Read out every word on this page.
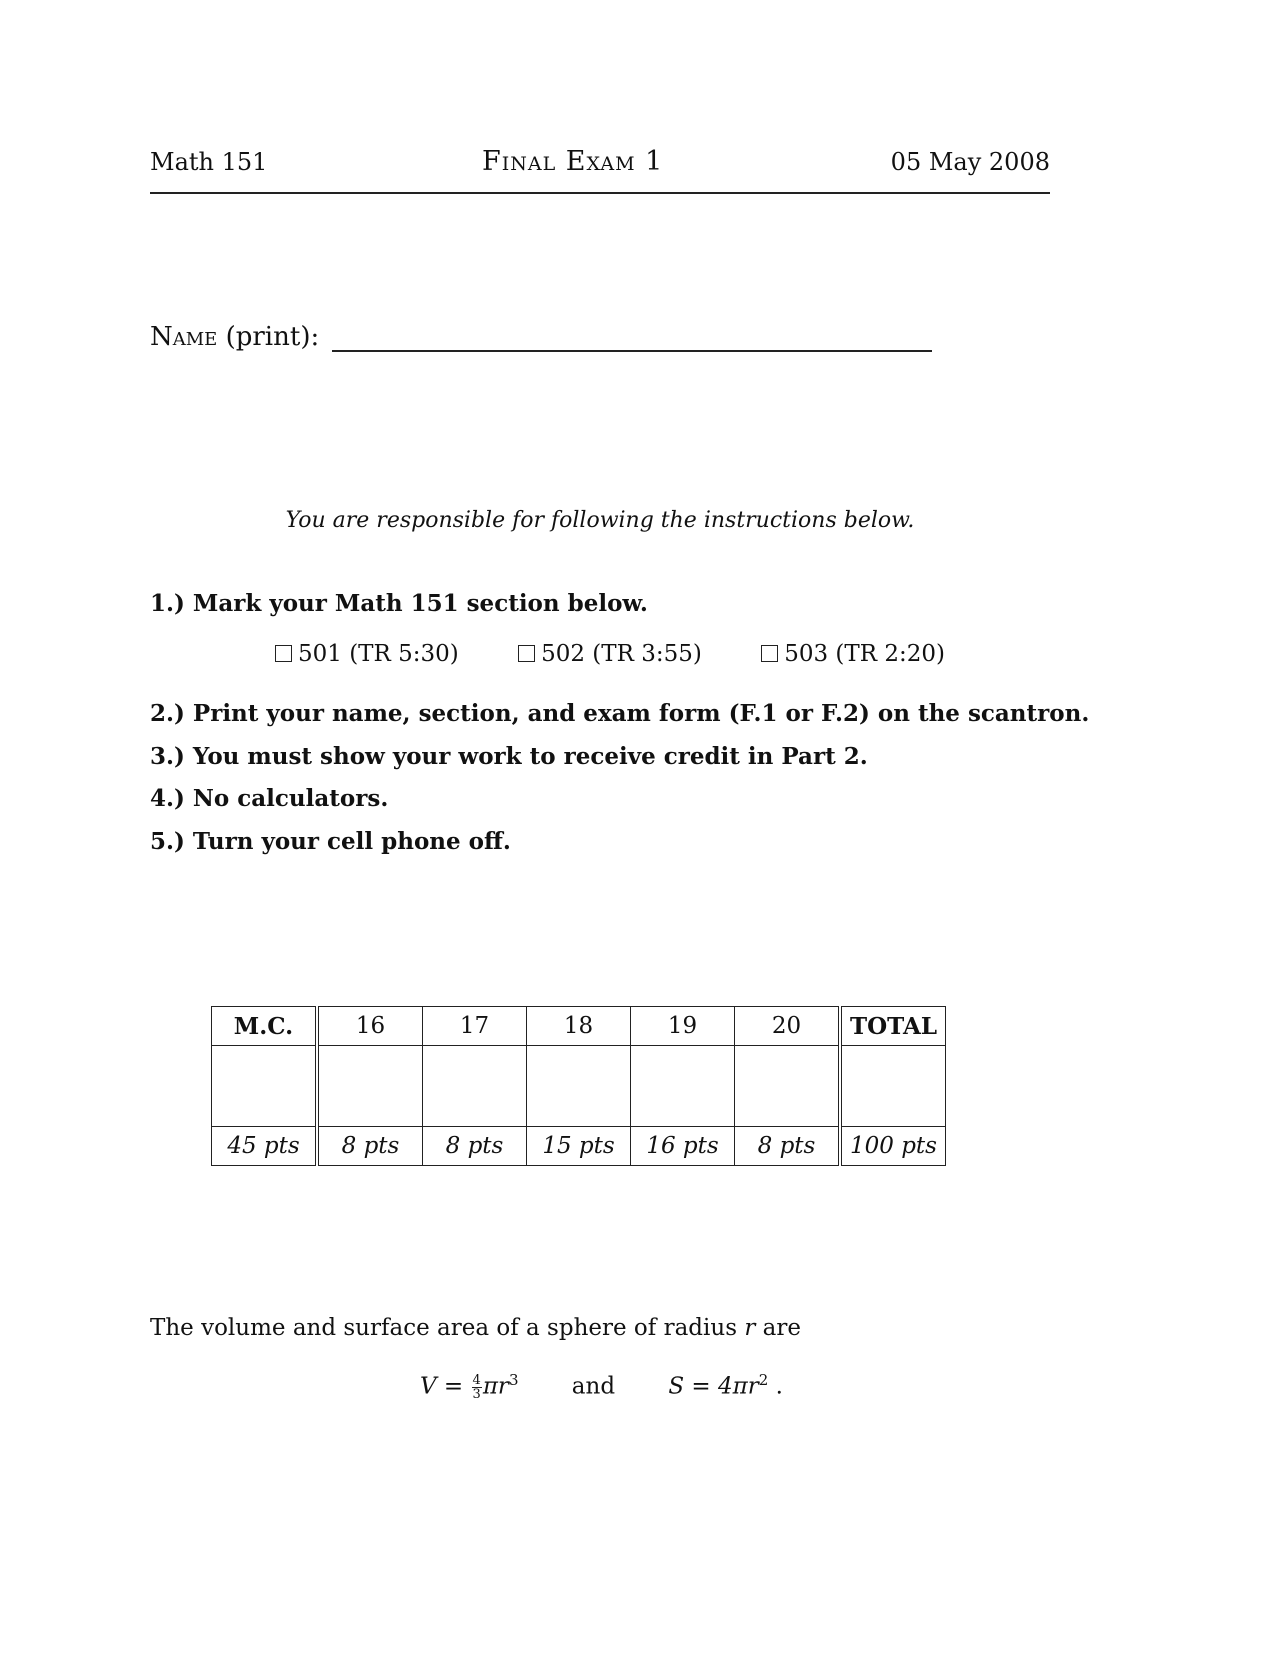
Math 151	Final Exam 1	05 May 2008
Name (print):
You are responsible for following the instructions below.
1.) Mark your Math 151 section below.
501 (TR 5:30)	502 (TR 3:55)	503 (TR 2:20)
2.) Print your name, section, and exam form (F.1 or F.2) on the scantron.
3.) You must show your work to receive credit in Part 2.
4.) No calculators.
5.) Turn your cell phone off.
M.C.	16	17	18	19	20	TOTAL

45 pts	8 pts	8 pts	15 pts	16 pts	8 pts	100 pts
The volume and surface area of a sphere of radius r are
$V = \frac{4}{3} \pi r^3$ and $S = 4\pi r^2$ .
